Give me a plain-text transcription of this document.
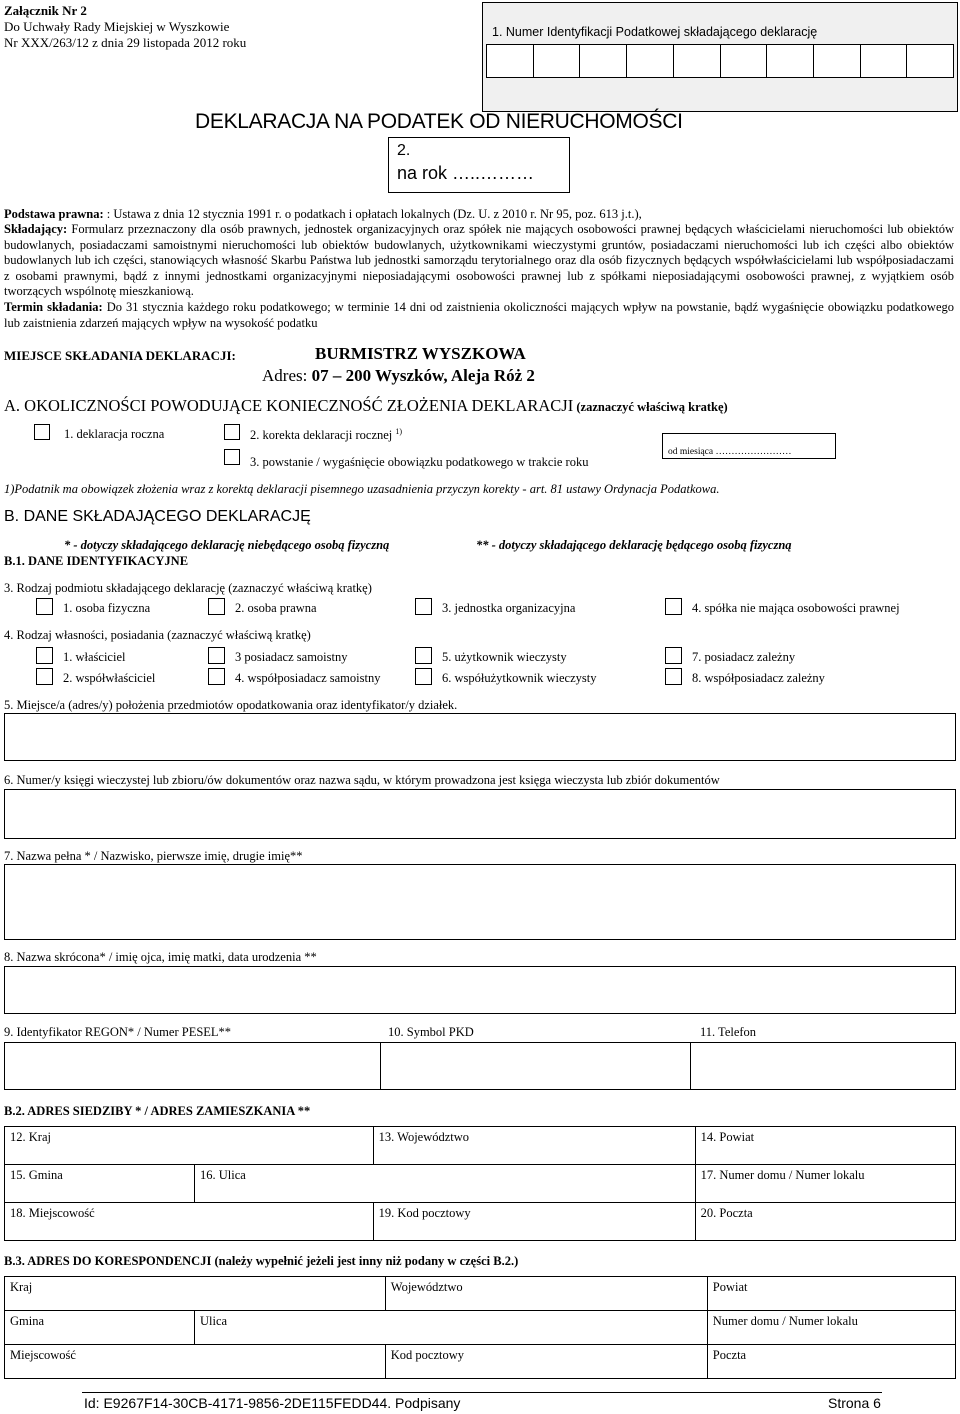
Załącznik Nr 2
Do Uchwały Rady Miejskiej w Wyszkowie
Nr XXX/263/12 z dnia 29 listopada 2012 roku
1. Numer Identyfikacji Podatkowej składającego deklarację
DEKLARACJA NA PODATEK OD NIERUCHOMOŚCI
2.
na rok …..………
Podstawa prawna: : Ustawa z dnia 12 stycznia 1991 r. o podatkach i opłatach lokalnych (Dz. U. z 2010 r. Nr 95, poz. 613 j.t.),
Składający: Formularz przeznaczony dla osób prawnych, jednostek organizacyjnych oraz spółek nie mających osobowości prawnej będących właścicielami nieruchomości lub obiektów budowlanych, posiadaczami samoistnymi nieruchomości lub obiektów budowlanych, użytkownikami wieczystymi gruntów, posiadaczami nieruchomości lub ich części albo obiektów budowlanych lub ich części, stanowiących własność Skarbu Państwa lub jednostki samorządu terytorialnego oraz dla osób fizycznych będących współwłaścicielami lub współposiadaczami z osobami prawnymi, bądź z innymi jednostkami organizacyjnymi nieposiadającymi osobowości prawnej lub z spółkami nieposiadającymi osobowości prawnej, z wyjątkiem osób tworzących wspólnotę mieszkaniową.
Termin składania: Do 31 stycznia każdego roku podatkowego; w terminie 14 dni od zaistnienia okoliczności mających wpływ na powstanie, bądź wygaśnięcie obowiązku podatkowego lub zaistnienia zdarzeń mających wpływ na wysokość podatku
MIEJSCE SKŁADANIA DEKLARACJI:	BURMISTRZ WYSZKOWA
Adres: 07 – 200 Wyszków, Aleja Róż 2
A. OKOLICZNOŚCI POWODUJĄCE KONIECZNOŚĆ ZŁOŻENIA DEKLARACJI (zaznaczyć właściwą kratkę)
1. deklaracja roczna	2. korekta deklaracji rocznej $^{1)}$
3. powstanie / wygaśnięcie obowiązku podatkowego w trakcie roku
od miesiąca ……………………
1)Podatnik ma obowiązek złożenia wraz z korektą deklaracji pisemnego uzasadnienia przyczyn korekty - art. 81 ustawy Ordynacja Podatkowa.
B. DANE SKŁADAJĄCEGO DEKLARACJĘ
* - dotyczy składającego deklarację niebędącego osobą fizyczną	** - dotyczy składającego deklarację będącego osobą fizyczną
B.1. DANE IDENTYFIKACYJNE
3. Rodzaj podmiotu składającego deklarację (zaznaczyć właściwą kratkę)
1. osoba fizyczna	2. osoba prawna	3. jednostka organizacyjna	4. spółka nie mająca osobowości prawnej
4. Rodzaj własności, posiadania (zaznaczyć właściwą kratkę)
1. właściciel	3 posiadacz samoistny	5. użytkownik wieczysty	7. posiadacz zależny
2. współwłaściciel	4. współposiadacz samoistny	6. współużytkownik wieczysty	8. współposiadacz zależny
5. Miejsce/a (adres/y) położenia przedmiotów opodatkowania oraz identyfikator/y działek.
6. Numer/y księgi wieczystej lub zbioru/ów dokumentów oraz nazwa sądu, w którym prowadzona jest księga wieczysta lub zbiór dokumentów
7. Nazwa pełna * / Nazwisko, pierwsze imię, drugie imię**
8. Nazwa skrócona* / imię ojca, imię matki, data urodzenia **
9. Identyfikator REGON* / Numer PESEL**	10. Symbol PKD	11. Telefon

B.2. ADRES SIEDZIBY * / ADRES ZAMIESZKANIA **
12. Kraj		13. Województwo	14. Powiat
15. Gmina	16. Ulica		17. Numer domu / Numer lokalu
18. Miejscowość		19. Kod pocztowy	20. Poczta
B.3. ADRES DO KORESPONDENCJI (należy wypełnić jeżeli jest inny niż podany w części B.2.)
Kraj		Województwo	Powiat
Gmina	Ulica		Numer domu / Numer lokalu
Miejscowość		Kod pocztowy	Poczta
Id: E9267F14-30CB-4171-9856-2DE115FEDD44. Podpisany	Strona 6
